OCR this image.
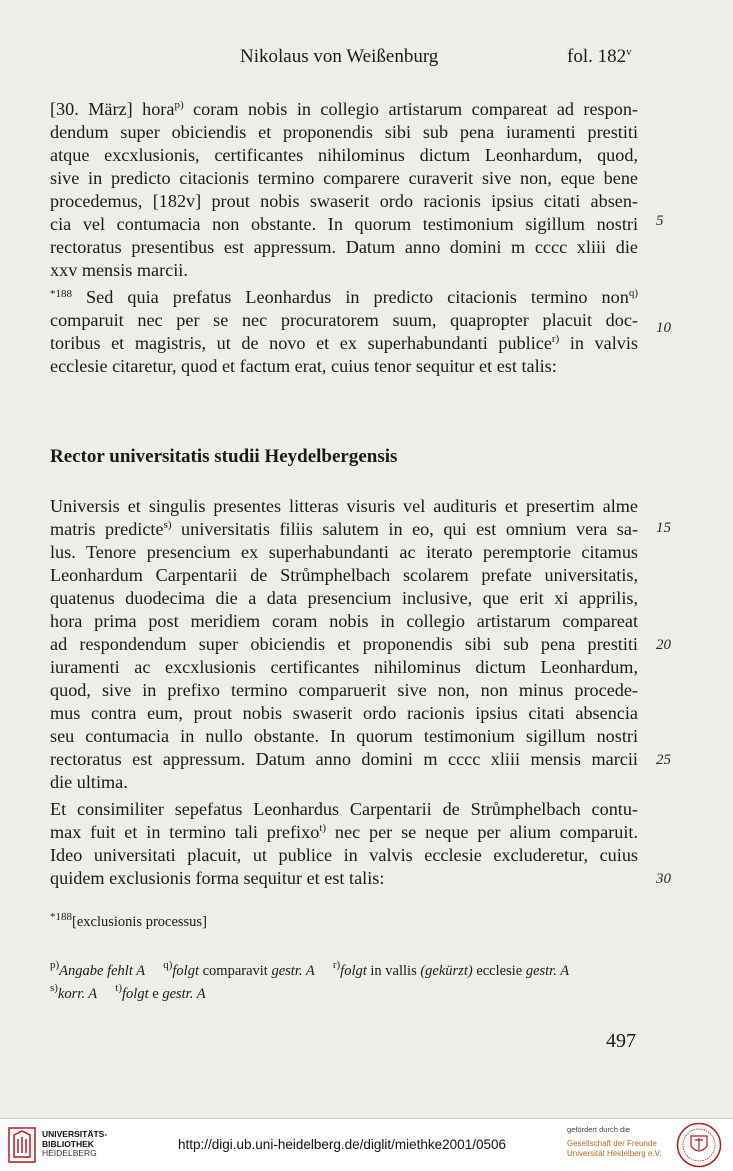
Nikolaus von Weißenburg	fol. 182$^v$
[30. März] hora$^{p)}$ coram nobis in collegio artistarum compareat ad respon-
dendum super obiciendis et proponendis sibi sub pena iuramenti prestiti
atque excxlusionis, certificantes nihilominus dictum Leonhardum, quod,
sive in predicto citacionis termino comparere curaverit sive non, eque bene
procedemus, [182v] prout nobis swaserit ordo racionis ipsius citati absen-
cia vel contumacia non obstante. In quorum testimonium sigillum nostri
rectoratus presentibus est appressum. Datum anno domini m cccc xliii die
xxv mensis marcii.
$^{*188}$ Sed quia prefatus Leonhardus in predicto citacionis termino non$^{q)}$
comparuit nec per se nec procuratorem suum, quapropter placuit doc-
toribus et magistris, ut de novo et ex superhabundanti publice$^{r)}$ in valvis
ecclesie citaretur, quod et factum erat, cuius tenor sequitur et est talis:
Rector universitatis studii Heydelbergensis
Universis et singulis presentes litteras visuris vel audituris et presertim alme
matris predicte$^{s)}$ universitatis filiis salutem in eo, qui est omnium vera sa-
lus. Tenore presencium ex superhabundanti ac iterato peremptorie citamus
Leonhardum Carpentarii de Strůmphelbach scolarem prefate universitatis,
quatenus duodecima die a data presencium inclusive, que erit xi apprilis,
hora prima post meridiem coram nobis in collegio artistarum compareat
ad respondendum super obiciendis et proponendis sibi sub pena prestiti
iuramenti ac excxlusionis certificantes nihilominus dictum Leonhardum,
quod, sive in prefixo termino comparuerit sive non, non minus procede-
mus contra eum, prout nobis swaserit ordo racionis ipsius citati absencia
seu contumacia in nullo obstante. In quorum testimonium sigillum nostri
rectoratus est appressum. Datum anno domini m cccc xliii mensis marcii
die ultima.
Et consimiliter sepefatus Leonhardus Carpentarii de Strůmphelbach contu-
max fuit et in termino tali prefixo$^{t)}$ nec per se neque per alium comparuit.
Ideo universitati placuit, ut publice in valvis ecclesie excluderetur, cuius
quidem exclusionis forma sequitur et est talis:
5
10
15
20
25
30
$^{*188}$[exclusionis processus]
$^{p)}$Angabe fehlt A $^{q)}$folgt comparavit gestr. A $^{r)}$folgt in vallis (gekürzt) ecclesie gestr. A
$^{s)}$korr. A $^{t)}$folgt e gestr. A
497
UNIVERSITÄTS-
BIBLIOTHEK
HEIDELBERG
http://digi.ub.uni-heidelberg.de/diglit/miethke2001/0506
gefördert durch die
Gesellschaft der Freunde
Universität Heidelberg e.V.
